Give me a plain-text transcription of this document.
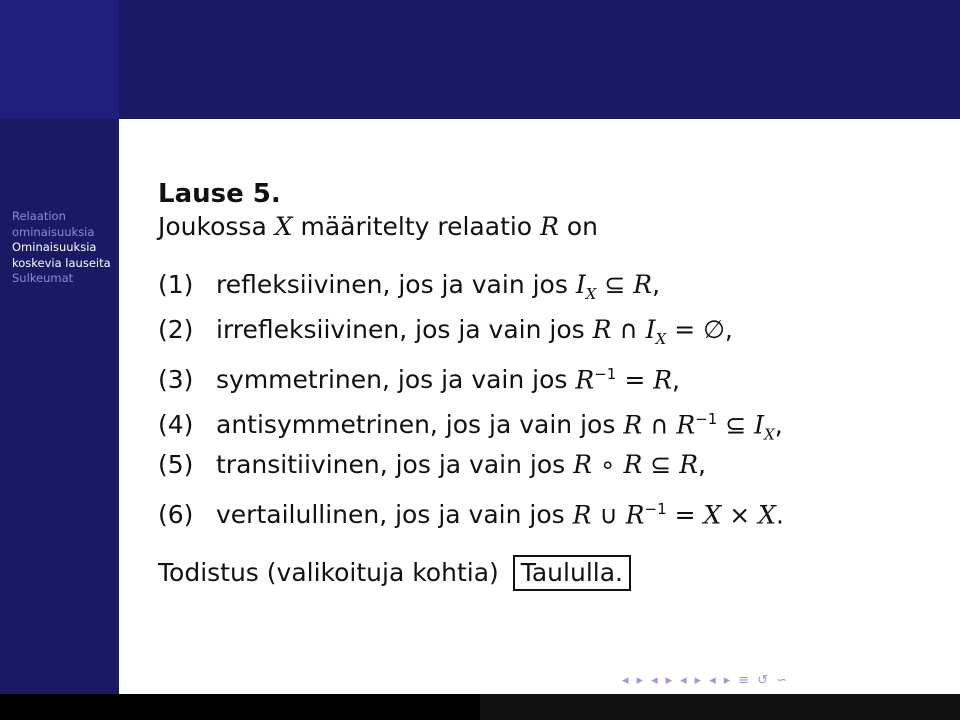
Relaation
ominaisuuksia
Ominaisuuksia
koskevia lauseita
Sulkeumat
Lause 5.
Joukossa X määritelty relaatio R on
(1) refleksiivinen, jos ja vain jos
$I_X$ ⊆ R,
(2) irrefleksiivinen, jos ja vain jos
R ∩ $I_X$ = ∅,
(3) symmetrinen, jos ja vain jos
$R^{-1} = R$,
(4) antisymmetrinen, jos ja vain jos
R ∩ $R^{-1}$ ⊆ $I_X$,
(5) transitiivinen, jos ja vain jos
R ∘ R ⊆ R,
(6) vertailullinen, jos ja vain jos
R ∪ $R^{-1} = X \times X$.
Todistus (valikoituja kohtia) Taululla.
◂ ▸ ◂ ▸ ◂ ▸ ◂ ▸ ≡ ↺ ∽
